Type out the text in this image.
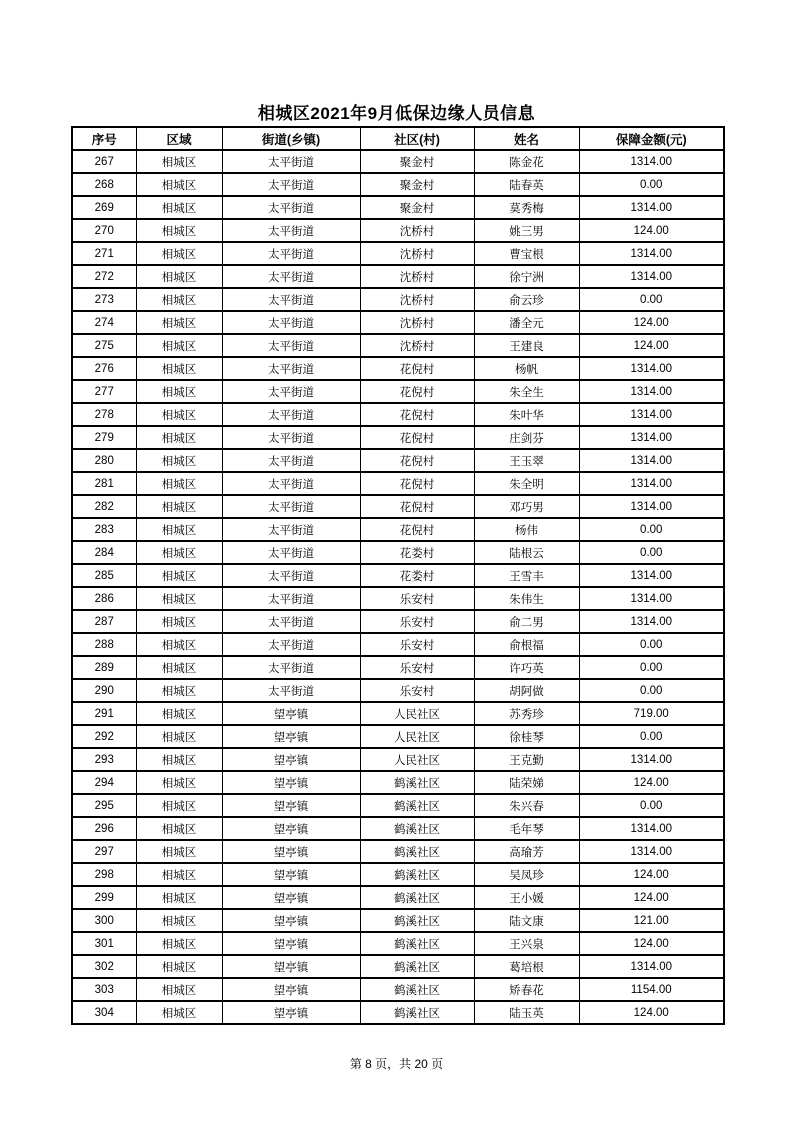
相城区2021年9月低保边缘人员信息
序号	区域	街道(乡镇)	社区(村)	姓名	保障金额(元)
267	相城区	太平街道	聚金村	陈金花	1314.00
268	相城区	太平街道	聚金村	陆春英	0.00
269	相城区	太平街道	聚金村	莫秀梅	1314.00
270	相城区	太平街道	沈桥村	姚三男	124.00
271	相城区	太平街道	沈桥村	曹宝根	1314.00
272	相城区	太平街道	沈桥村	徐宁洲	1314.00
273	相城区	太平街道	沈桥村	俞云珍	0.00
274	相城区	太平街道	沈桥村	潘全元	124.00
275	相城区	太平街道	沈桥村	王建良	124.00
276	相城区	太平街道	花倪村	杨帆	1314.00
277	相城区	太平街道	花倪村	朱全生	1314.00
278	相城区	太平街道	花倪村	朱叶华	1314.00
279	相城区	太平街道	花倪村	庄剑芬	1314.00
280	相城区	太平街道	花倪村	王玉翠	1314.00
281	相城区	太平街道	花倪村	朱全明	1314.00
282	相城区	太平街道	花倪村	邓巧男	1314.00
283	相城区	太平街道	花倪村	杨伟	0.00
284	相城区	太平街道	花娄村	陆根云	0.00
285	相城区	太平街道	花娄村	王雪丰	1314.00
286	相城区	太平街道	乐安村	朱伟生	1314.00
287	相城区	太平街道	乐安村	俞二男	1314.00
288	相城区	太平街道	乐安村	俞根福	0.00
289	相城区	太平街道	乐安村	许巧英	0.00
290	相城区	太平街道	乐安村	胡阿做	0.00
291	相城区	望亭镇	人民社区	苏秀珍	719.00
292	相城区	望亭镇	人民社区	徐桂琴	0.00
293	相城区	望亭镇	人民社区	王克勤	1314.00
294	相城区	望亭镇	鹤溪社区	陆荣娣	124.00
295	相城区	望亭镇	鹤溪社区	朱兴春	0.00
296	相城区	望亭镇	鹤溪社区	毛年琴	1314.00
297	相城区	望亭镇	鹤溪社区	高瑜芳	1314.00
298	相城区	望亭镇	鹤溪社区	吴凤珍	124.00
299	相城区	望亭镇	鹤溪社区	王小媛	124.00
300	相城区	望亭镇	鹤溪社区	陆文康	121.00
301	相城区	望亭镇	鹤溪社区	王兴泉	124.00
302	相城区	望亭镇	鹤溪社区	葛培根	1314.00
303	相城区	望亭镇	鹤溪社区	矫春花	1154.00
304	相城区	望亭镇	鹤溪社区	陆玉英	124.00
第 8 页，共 20 页
